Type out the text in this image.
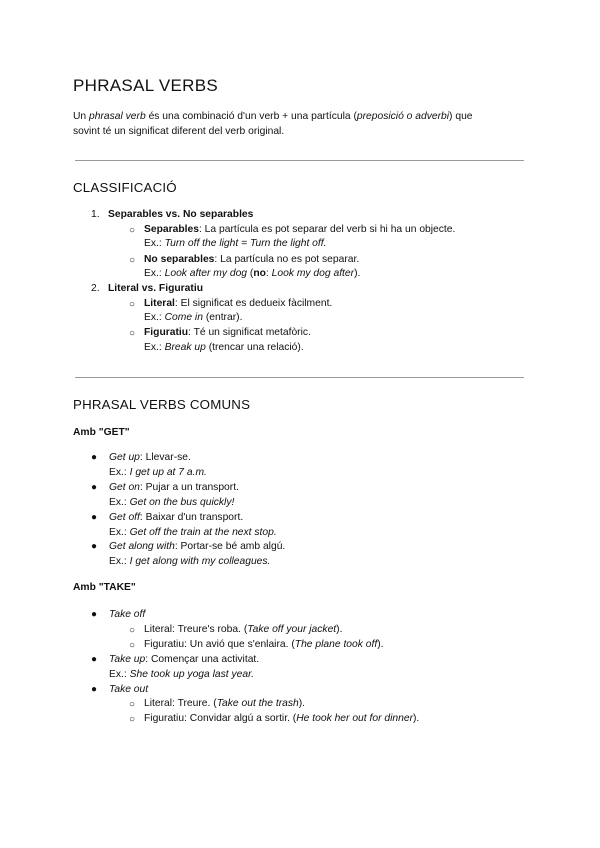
PHRASAL VERBS

Un phrasal verb és una combinació d'un verb + una partícula (preposició o adverbi) que
sovint té un significat diferent del verb original.

CLASSIFICACIÓ
1. Separables vs. No separables
○ Separables: La partícula es pot separar del verb si hi ha un objecte.
Ex.: Turn off the light = Turn the light off.
○ No separables: La partícula no es pot separar.
Ex.: Look after my dog (no: Look my dog after).
2. Literal vs. Figuratiu
○ Literal: El significat es dedueix fàcilment.
Ex.: Come in (entrar).
○ Figuratiu: Té un significat metafòric.
Ex.: Break up (trencar una relació).
PHRASAL VERBS COMUNS
Amb "GET"
● Get up: Llevar-se.
Ex.: I get up at 7 a.m.
● Get on: Pujar a un transport.
Ex.: Get on the bus quickly!
● Get off: Baixar d'un transport.
Ex.: Get off the train at the next stop.
● Get along with: Portar-se bé amb algú.
Ex.: I get along with my colleagues.
Amb "TAKE"
● Take off
○ Literal: Treure's roba. (Take off your jacket).
○ Figuratiu: Un avió que s'enlaira. (The plane took off).
● Take up: Començar una activitat.
Ex.: She took up yoga last year.
● Take out
○ Literal: Treure. (Take out the trash).
○ Figuratiu: Convidar algú a sortir. (He took her out for dinner).
